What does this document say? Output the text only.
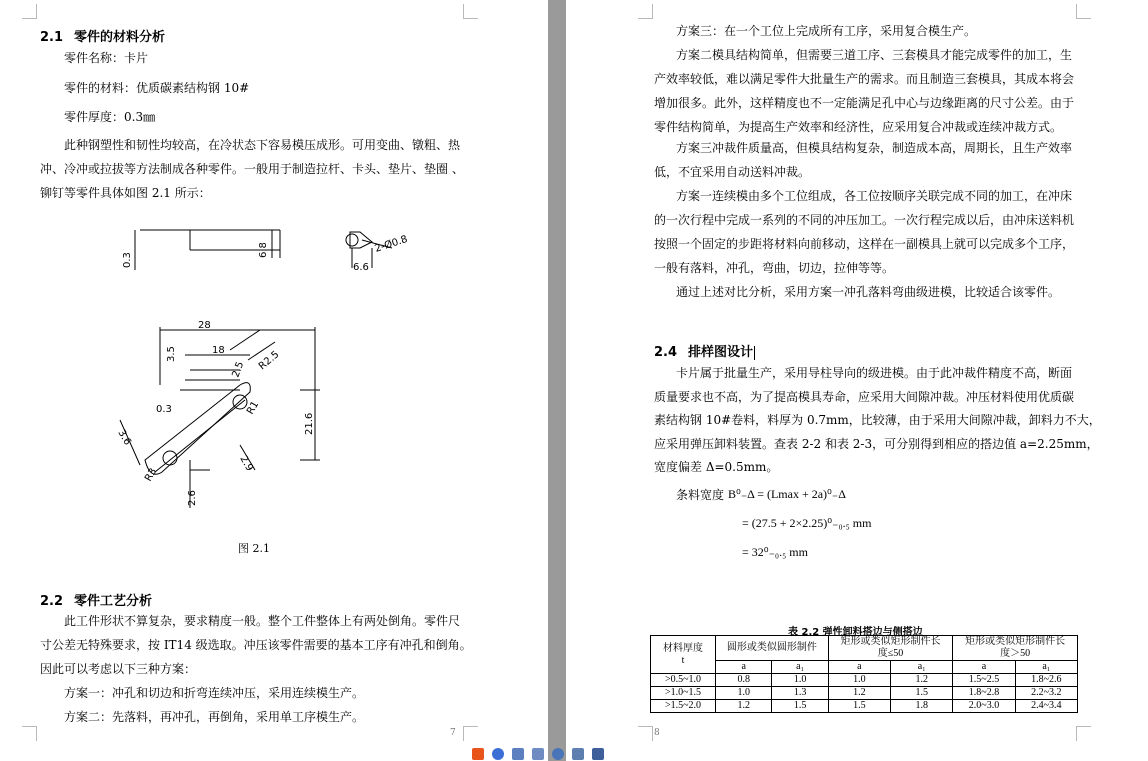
2.1 零件的材料分析
零件名称：卡片
零件的材料：优质碳素结构钢 10#
零件厚度：0.3㎜
此种钢塑性和韧性均较高，在冷状态下容易模压成形。可用变曲、镦粗、热
冲、冷冲或拉拔等方法制成各种零件。一般用于制造拉杆、卡头、垫片、垫圈 、
铆钉等零件具体如图 2.1 所示：
0.3
6.8	2-Ø0.8
6.6
28
18
3.5
2.5 R2.5
0.3	R1
21.6
3.6
R3
2.6
2.9
图 2.1
2.2 零件工艺分析
此工件形状不算复杂，要求精度一般。整个工件整体上有两处倒角。零件尺
寸公差无特殊要求，按 IT14 级选取。冲压该零件需要的基本工序有冲孔和倒角。
因此可以考虑以下三种方案：
方案一：冲孔和切边和折弯连续冲压，采用连续模生产。
方案二：先落料，再冲孔，再倒角，采用单工序模生产。
7
方案三：在一个工位上完成所有工序，采用复合模生产。
方案二模具结构简单，但需要三道工序、三套模具才能完成零件的加工，生
产效率较低，难以满足零件大批量生产的需求。而且制造三套模具，其成本将会
增加很多。此外，这样精度也不一定能满足孔中心与边缘距离的尺寸公差。由于
零件结构简单，为提高生产效率和经济性，应采用复合冲裁或连续冲裁方式。
方案三冲裁件质量高，但模具结构复杂，制造成本高，周期长，且生产效率
低，不宜采用自动送料冲裁。
方案一连续模由多个工位组成，各工位按顺序关联完成不同的加工，在冲床
的一次行程中完成一系列的不同的冲压加工。一次行程完成以后，由冲床送料机
按照一个固定的步距将材料向前移动，这样在一副模具上就可以完成多个工序，
一般有落料，冲孔，弯曲，切边，拉伸等等。
通过上述对比分析，采用方案一冲孔落料弯曲级进模，比较适合该零件。
2.4 排样图设计
卡片属于批量生产，采用导柱导向的级进模。由于此冲裁件精度不高，断面
质量要求也不高，为了提高模具寿命，应采用大间隙冲裁。冲压材料使用优质碳
素结构钢 10#卷料，料厚为 0.7mm，比较薄，由于采用大间隙冲裁，卸料力不大，
应采用弹压卸料装置。查表 2-2 和表 2-3，可分别得到相应的搭边值 a=2.25mm，
宽度偏差 Δ=0.5mm。
条料宽度 B⁰₋Δ = (Lmax + 2a)⁰₋Δ
= (27.5 + 2×2.25)⁰₋₀.₅ mm
= 32⁰₋₀.₅ mm
表 2.2 弹性卸料搭边与侧搭边
材料厚度
t	圆形或类似圆形制件		矩形或类似矩形制件长
度≤50		矩形或类似矩形制件长
度＞50	
	a	a₁	a	a₁	a	a₁
>0.5~1.0	0.8	1.0	1.0	1.2	1.5~2.5	1.8~2.6
>1.0~1.5	1.0	1.3	1.2	1.5	1.8~2.8	2.2~3.2
>1.5~2.0	1.2	1.5	1.5	1.8	2.0~3.0	2.4~3.4
8
